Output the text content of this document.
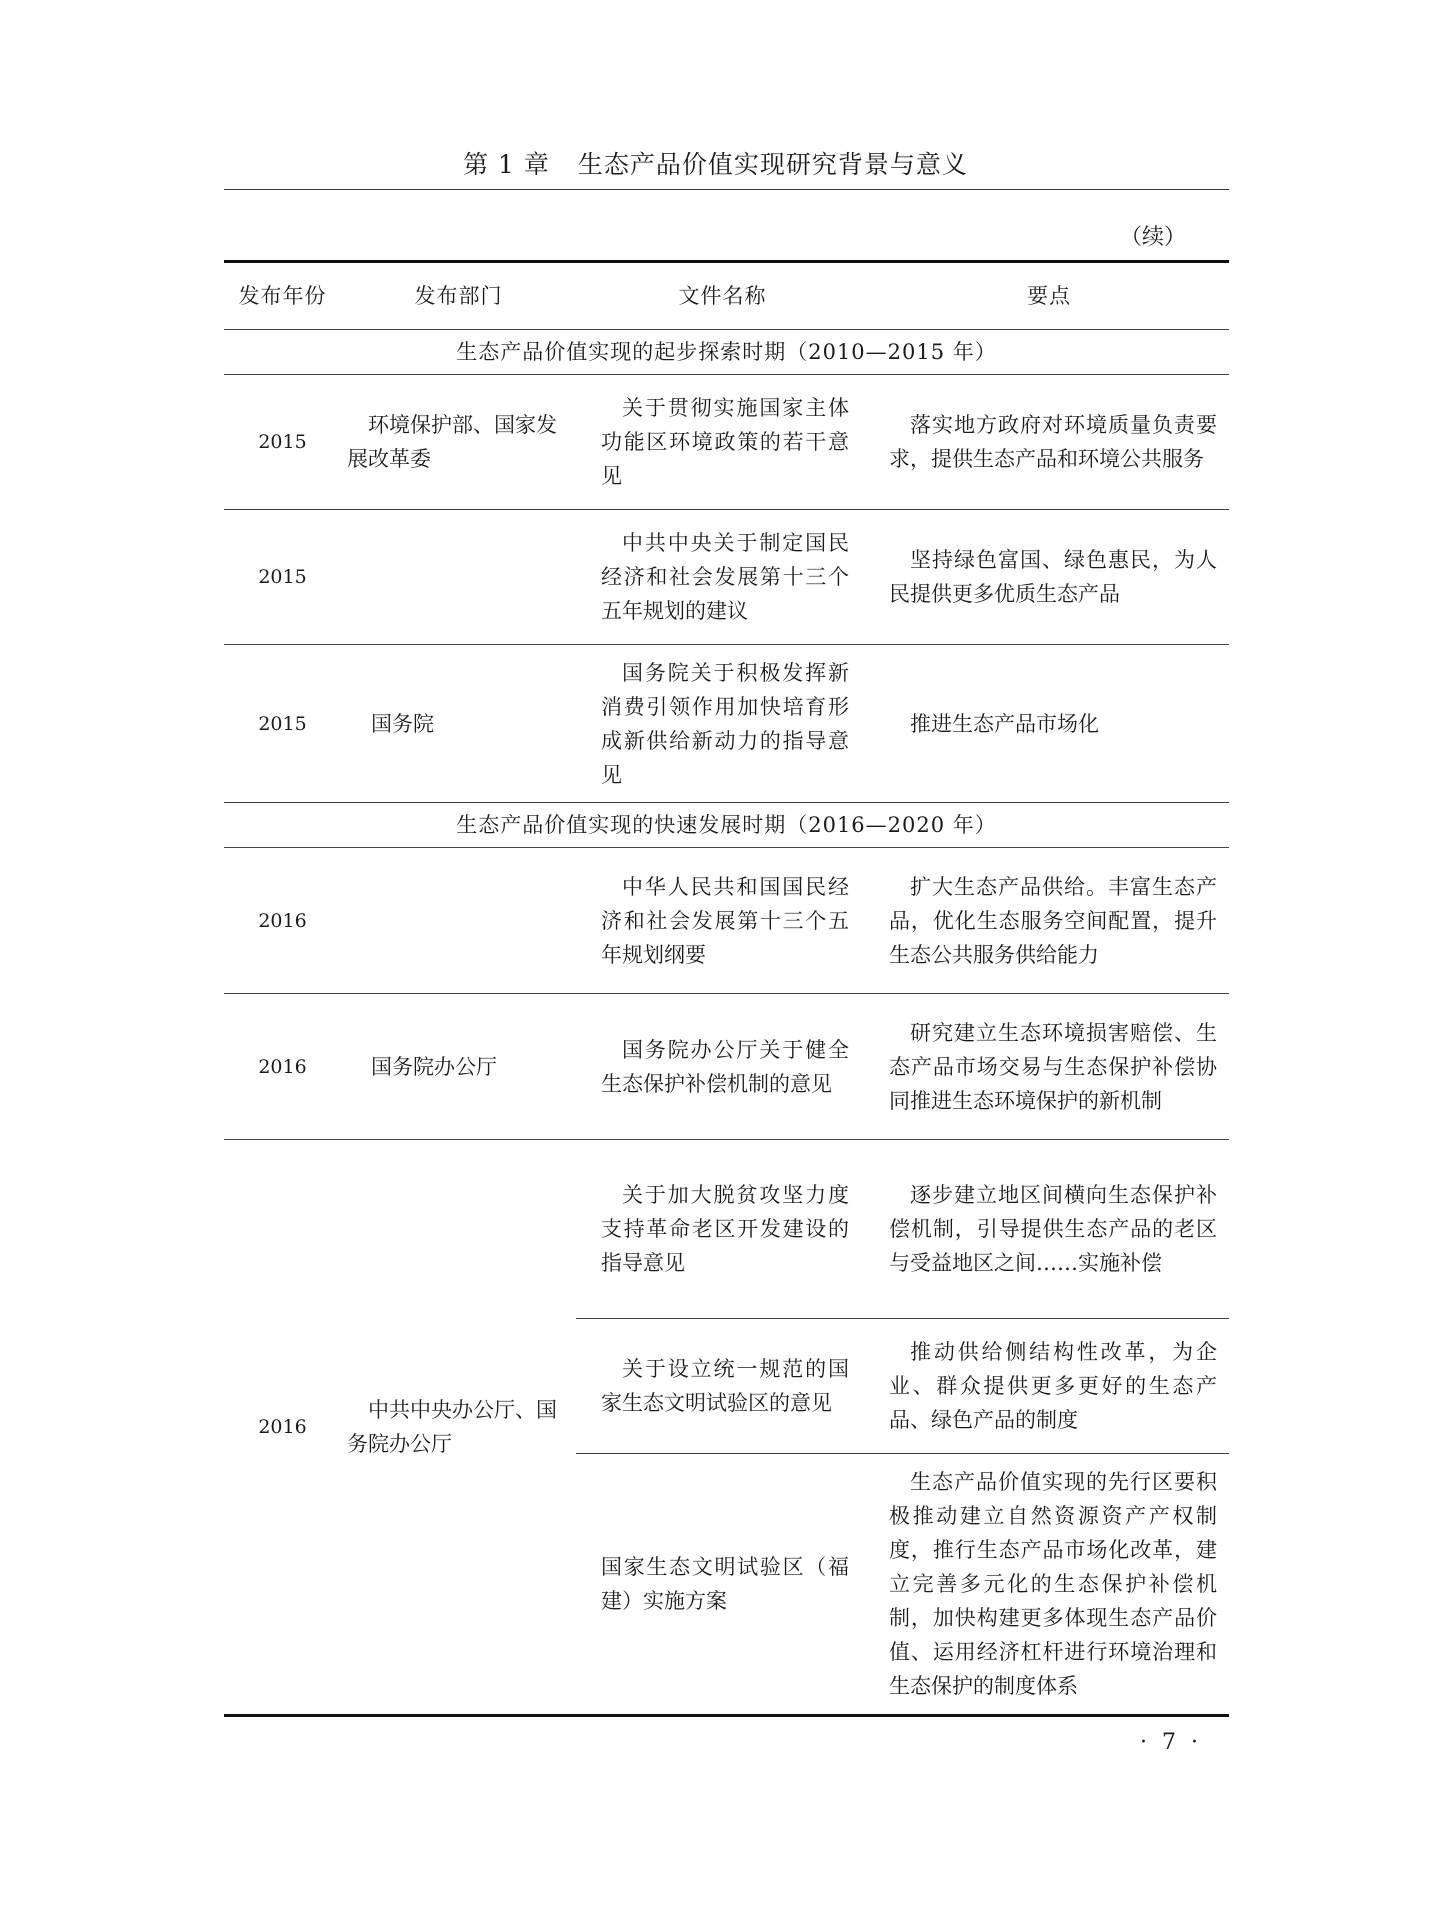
第 1 章 生态产品价值实现研究背景与意义
（续）
发布年份	发布部门	文件名称	要点
生态产品价值实现的起步探索时期（2010—2015 年）			
2015	环境保护部、国家发展改革委	关于贯彻实施国家主体功能区环境政策的若干意见	落实地方政府对环境质量负责要求，提供生态产品和环境公共服务

2015		中共中央关于制定国民经济和社会发展第十三个五年规划的建议	坚持绿色富国、绿色惠民，为人民提供更多优质生态产品

2015	国务院	国务院关于积极发挥新消费引领作用加快培育形成新供给新动力的指导意见	推进生态产品市场化

生态产品价值实现的快速发展时期（2016—2020 年）			
2016		中华人民共和国国民经济和社会发展第十三个五年规划纲要	扩大生态产品供给。丰富生态产品，优化生态服务空间配置，提升生态公共服务供给能力

2016	国务院办公厅	国务院办公厅关于健全生态保护补偿机制的意见	研究建立生态环境损害赔偿、生态产品市场交易与生态保护补偿协同推进生态环境保护的新机制

2016	中共中央办公厅、国务院办公厅	关于加大脱贫攻坚力度支持革命老区开发建设的指导意见	逐步建立地区间横向生态保护补偿机制，引导提供生态产品的老区与受益地区之间……实施补偿

		关于设立统一规范的国家生态文明试验区的意见	推动供给侧结构性改革，为企业、群众提供更多更好的生态产品、绿色产品的制度

		国家生态文明试验区（福建）实施方案	生态产品价值实现的先行区要积极推动建立自然资源资产产权制度，推行生态产品市场化改革，建立完善多元化的生态保护补偿机制，加快构建更多体现生态产品价值、运用经济杠杆进行环境治理和生态保护的制度体系
· 7 ·
